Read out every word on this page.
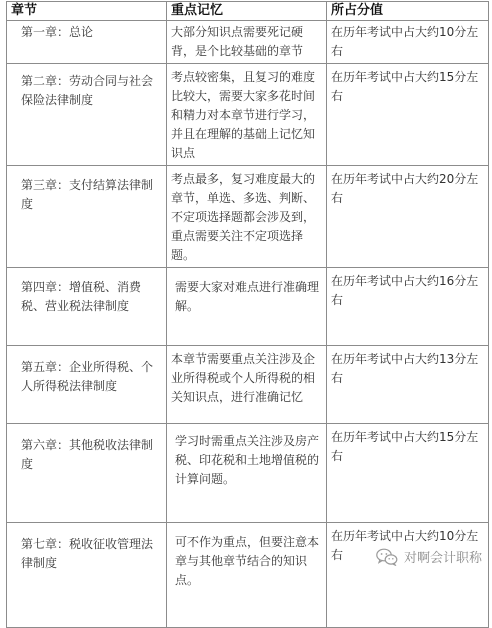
章节	重点记忆	所占分值
第一章：总论	大部分知识点需要死记硬背，是个比较基础的章节	在历年考试中占大约10分左右
第二章：劳动合同与社会保险法律制度	考点较密集，且复习的难度比较大，需要大家多花时间和精力对本章节进行学习，并且在理解的基础上记忆知识点	在历年考试中占大约15分左右
第三章：支付结算法律制度	考点最多，复习难度最大的章节，单选、多选、判断、不定项选择题都会涉及到，重点需要关注不定项选择题。	在历年考试中占大约20分左右
第四章：增值税、消费税、营业税法律制度	需要大家对难点进行准确理解。	在历年考试中占大约16分左右
第五章：企业所得税、个人所得税法律制度	本章节需要重点关注涉及企业所得税或个人所得税的相关知识点，进行准确记忆	在历年考试中占大约13分左右
第六章：其他税收法律制度	学习时需重点关注涉及房产税、印花税和土地增值税的计算问题。	在历年考试中占大约15分左右
第七章：税收征收管理法律制度	可不作为重点，但要注意本章与其他章节结合的知识点。	在历年考试中占大约10分左右	对啊会计职称
